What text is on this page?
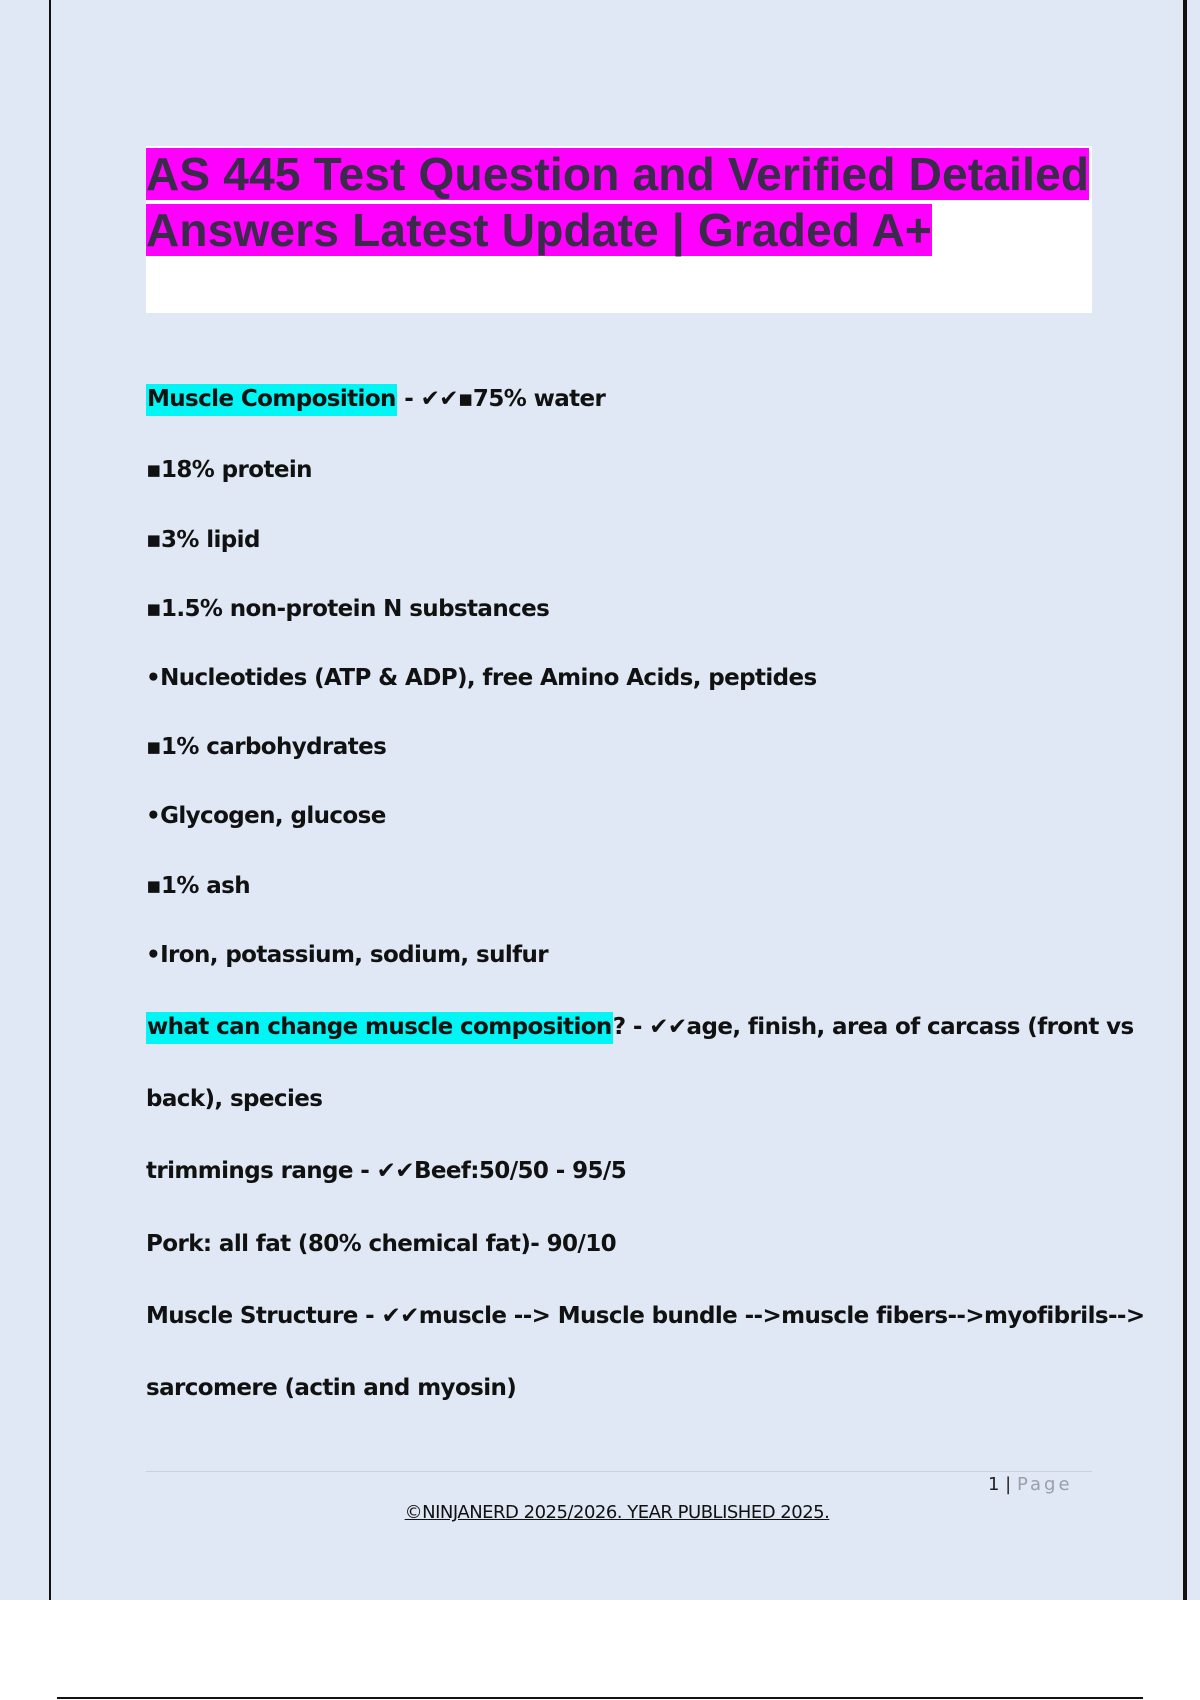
AS 445 Test Question and Verified Detailed Answers Latest Update | Graded A+

Muscle Composition - ✔✔▪75% water

▪18% protein

▪3% lipid

▪1.5% non-protein N substances

•Nucleotides (ATP & ADP), free Amino Acids, peptides

▪1% carbohydrates

•Glycogen, glucose

▪1% ash

•Iron, potassium, sodium, sulfur

what can change muscle composition? - ✔✔age, finish, area of carcass (front vs

back), species

trimmings range - ✔✔Beef:50/50 - 95/5

Pork: all fat (80% chemical fat)- 90/10

Muscle Structure - ✔✔muscle --> Muscle bundle -->muscle fibers-->myofibrils-->

sarcomere (actin and myosin)

1 | Page
©NINJANERD 2025/2026. YEAR PUBLISHED 2025.
